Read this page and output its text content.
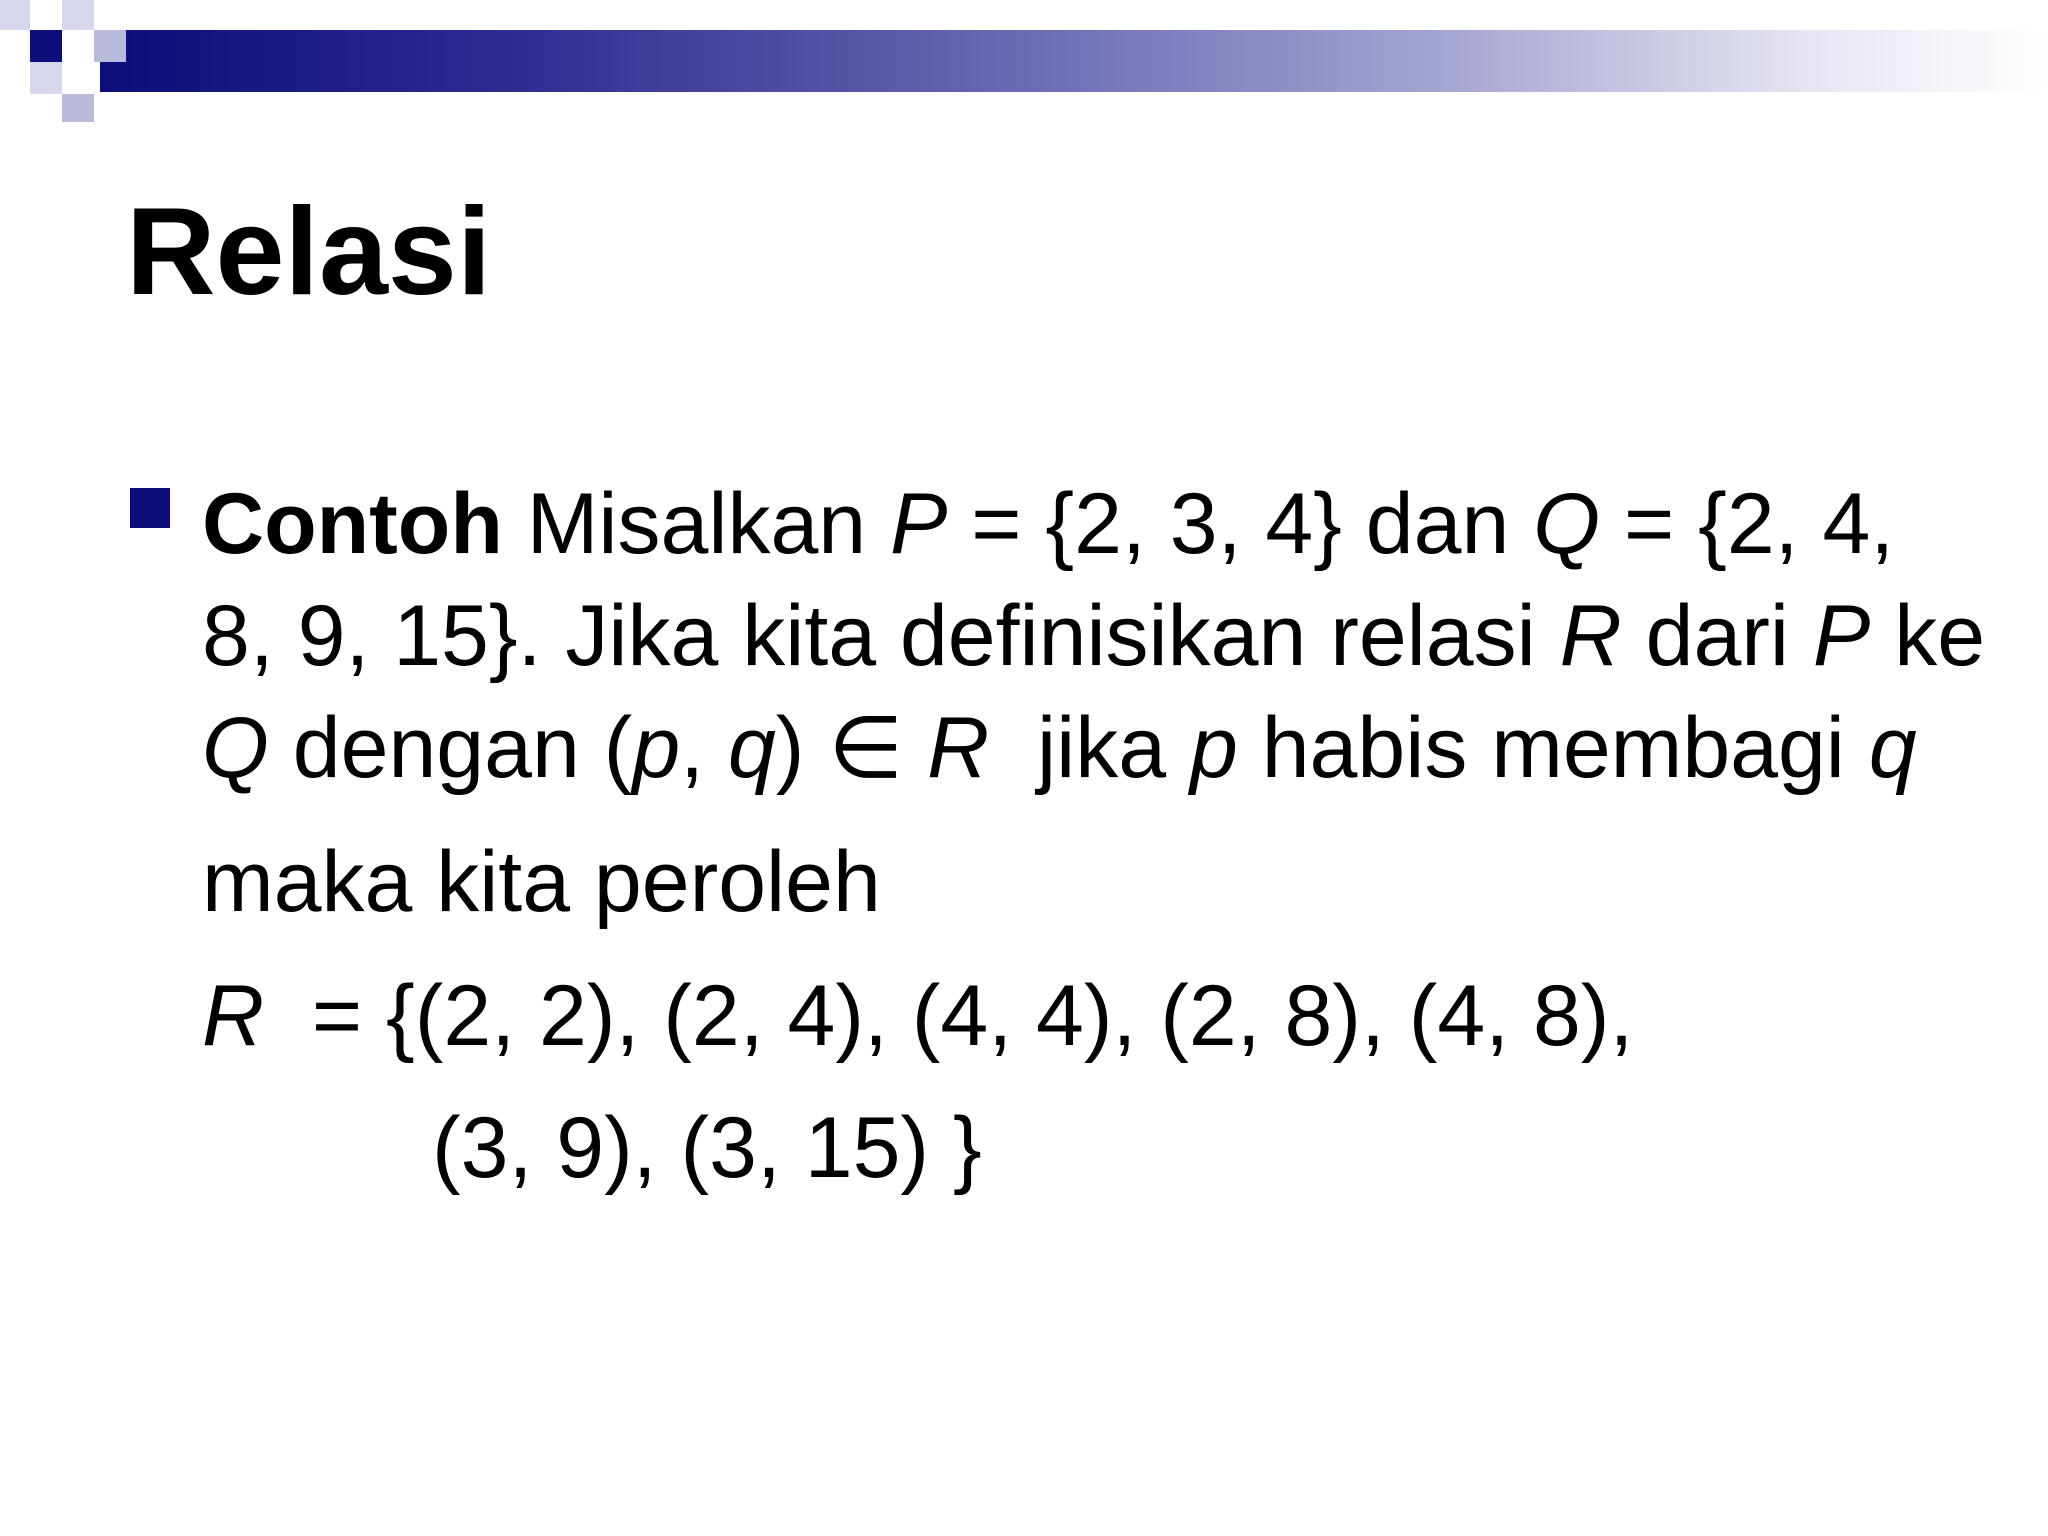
Relasi

Contoh Misalkan P = {2, 3, 4} dan Q = {2, 4, 8, 9, 15}. Jika kita definisikan relasi R dari P ke Q dengan (p, q) ∈ R  jika p habis membagi q

maka kita peroleh

R  = {(2, 2), (2, 4), (4, 4), (2, 8), (4, 8),

(3, 9), (3, 15) }
